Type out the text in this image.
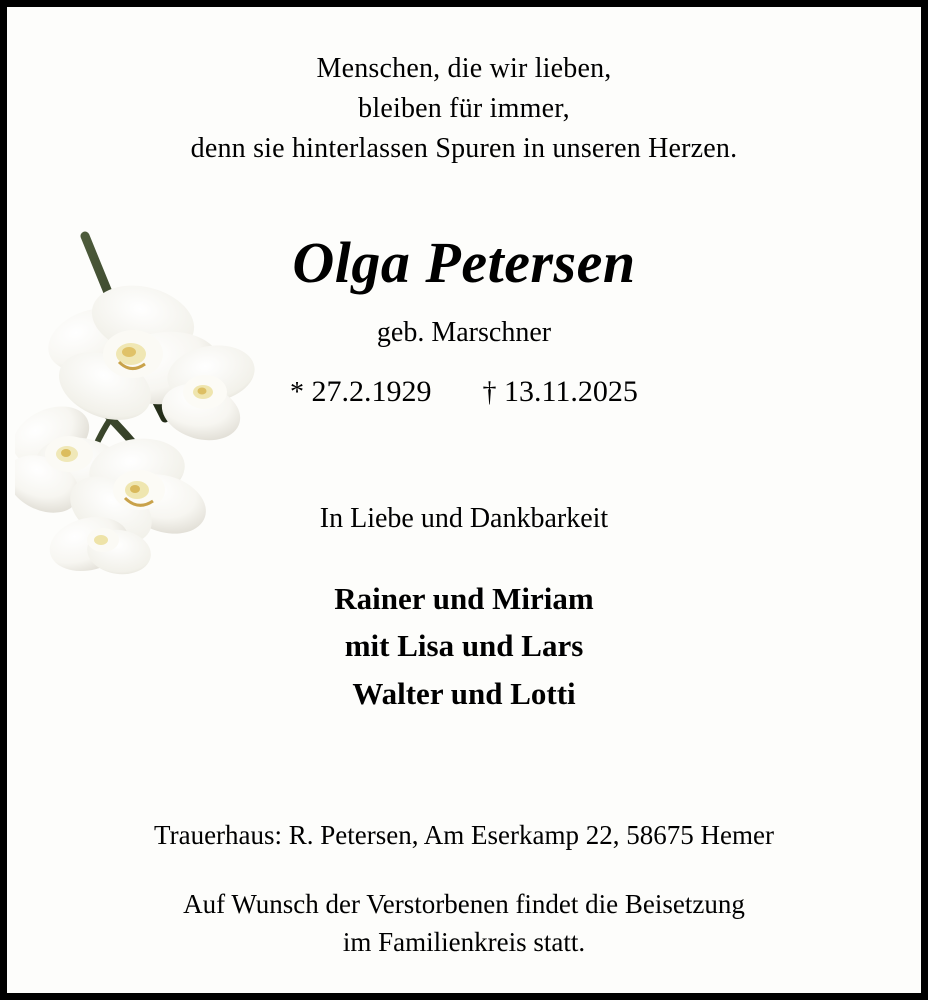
Menschen, die wir lieben,
bleiben für immer,
denn sie hinterlassen Spuren in unseren Herzen.
Olga Petersen
geb. Marschner
* 27.2.1929 † 13.11.2025
In Liebe und Dankbarkeit
Rainer und Miriam
mit Lisa und Lars
Walter und Lotti
Trauerhaus: R. Petersen, Am Eserkamp 22, 58675 Hemer
Auf Wunsch der Verstorbenen findet die Beisetzung
im Familienkreis statt.
